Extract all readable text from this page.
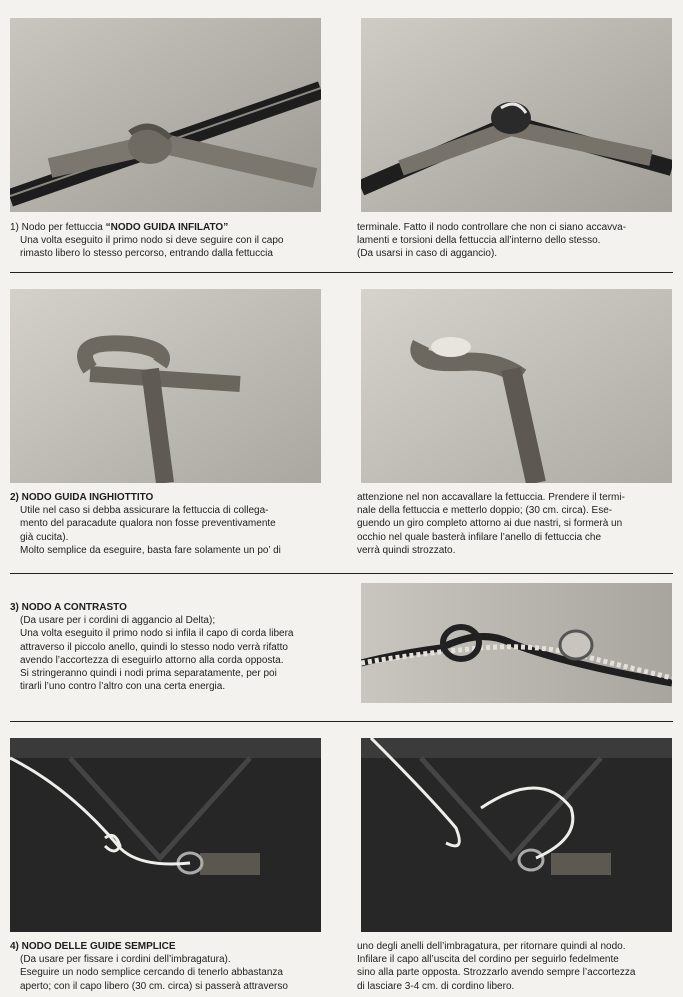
1) Nodo per fettuccia “NODO GUIDA INFILATO”

Una volta eseguito il primo nodo si deve seguire con il capo

rimasto libero lo stesso percorso, entrando dalla fettuccia

terminale. Fatto il nodo controllare che non ci siano accavva-

lamenti e torsioni della fettuccia all’interno dello stesso.

(Da usarsi in caso di aggancio).

2) NODO GUIDA INGHIOTTITO

Utile nel caso si debba assicurare la fettuccia di collega-

mento del paracadute qualora non fosse preventivamente

già cucita).

Molto semplice da eseguire, basta fare solamente un po’ di

attenzione nel non accavallare la fettuccia. Prendere il termi-

nale della fettuccia e metterlo doppio; (30 cm. circa). Ese-

guendo un giro completo attorno ai due nastri, si formerà un

occhio nel quale basterà infilare l’anello di fettuccia che

verrà quindi strozzato.

3) NODO A CONTRASTO

(Da usare per i cordini di aggancio al Delta);

Una volta eseguito il primo nodo si infila il capo di corda libera

attraverso il piccolo anello, quindi lo stesso nodo verrà rifatto

avendo l’accortezza di eseguirlo attorno alla corda opposta.

Si stringeranno quindi i nodi prima separatamente, per poi

tirarli l’uno contro l’altro con una certa energia.

4) NODO DELLE GUIDE SEMPLICE

(Da usare per fissare i cordini dell’imbragatura).

Eseguire un nodo semplice cercando di tenerlo abbastanza

aperto; con il capo libero (30 cm. circa) si passerà attraverso

uno degli anelli dell’imbragatura, per ritornare quindi al nodo.

Infilare il capo all’uscita del cordino per seguirlo fedelmente

sino alla parte opposta. Strozzarlo avendo sempre l’accortezza

di lasciare 3-4 cm. di cordino libero.
